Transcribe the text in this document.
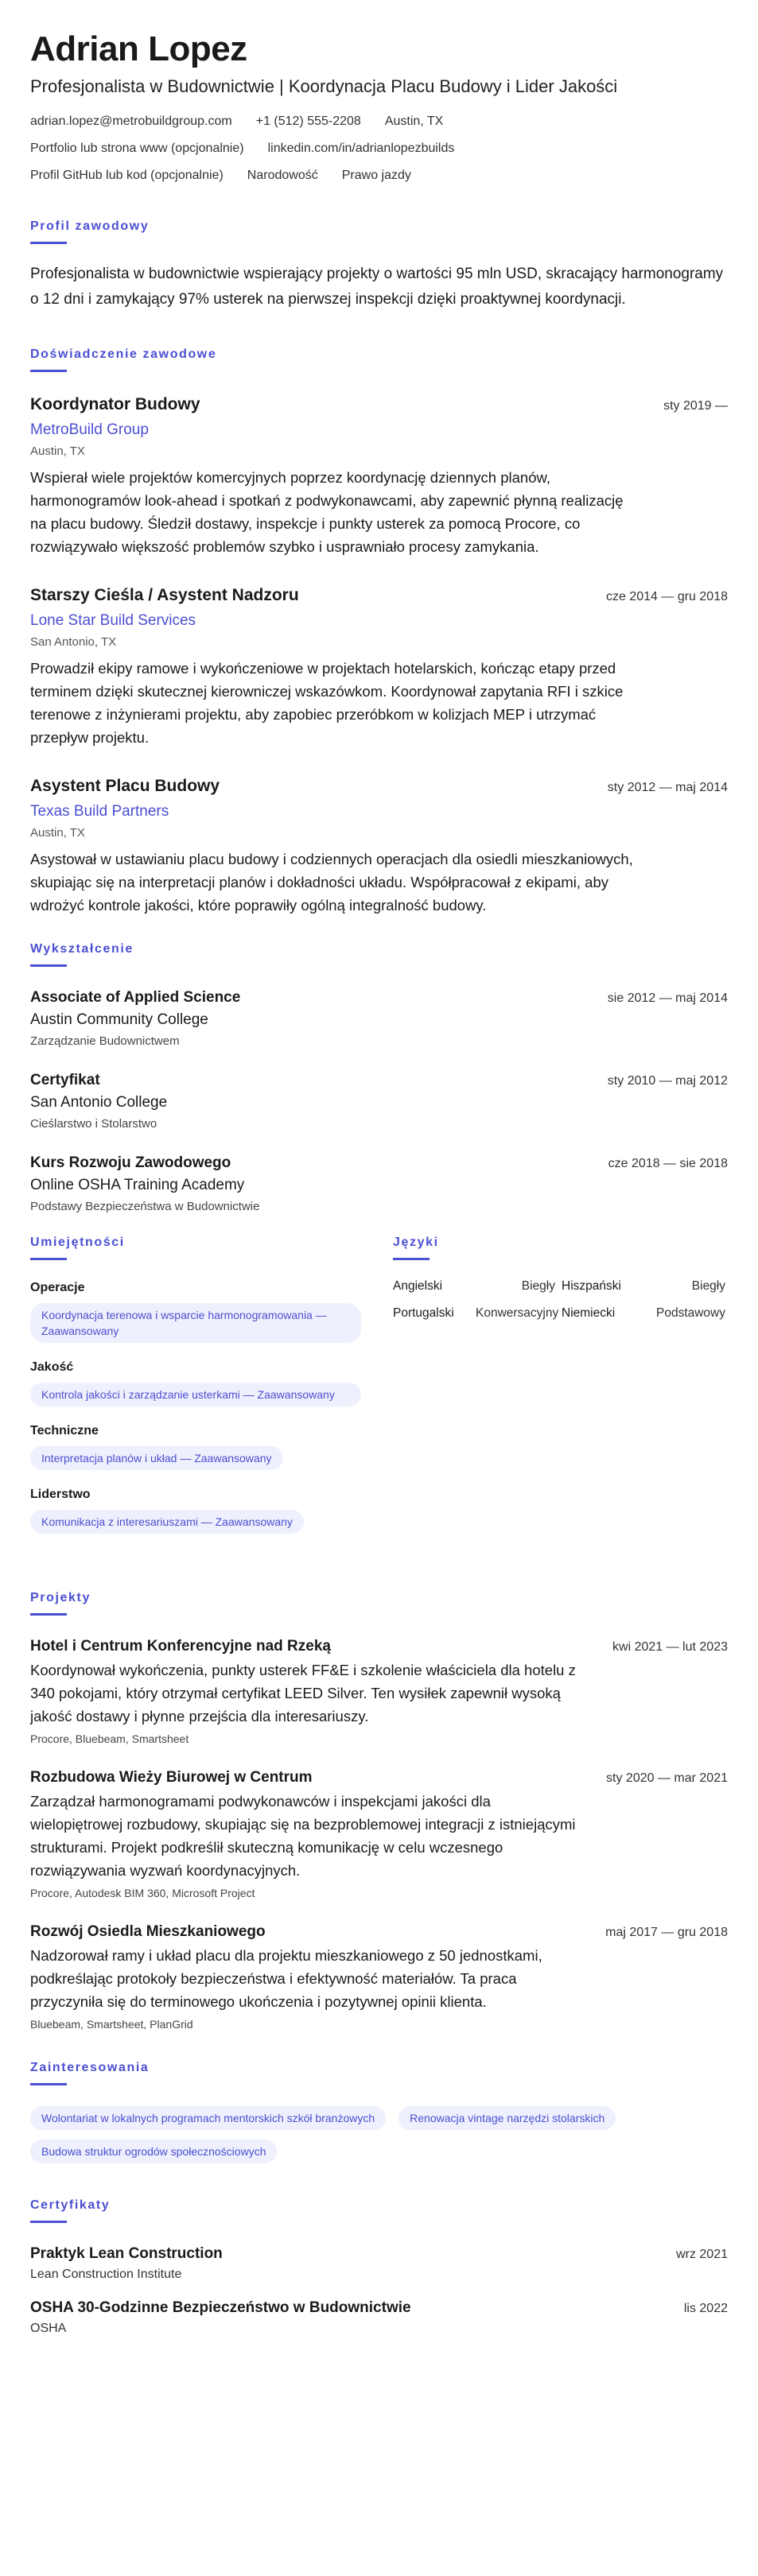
Adrian Lopez
Profesjonalista w Budownictwie | Koordynacja Placu Budowy i Lider Jakości
adrian.lopez@metrobuildgroup.com +1 (512) 555-2208 Austin, TX
Portfolio lub strona www (opcjonalnie) linkedin.com/in/adrianlopezbuilds
Profil GitHub lub kod (opcjonalnie) Narodowość Prawo jazdy
Profil zawodowy

Profesjonalista w budownictwie wspierający projekty o wartości 95 mln USD, skracający harmonogramy o 12 dni i zamykający 97% usterek na pierwszej inspekcji dzięki proaktywnej koordynacji.

Doświadczenie zawodowe
Koordynator Budowy	sty 2019 —
MetroBuild Group
Austin, TX

Wspierał wiele projektów komercyjnych poprzez koordynację dziennych planów, harmonogramów look-ahead i spotkań z podwykonawcami, aby zapewnić płynną realizację na placu budowy. Śledził dostawy, inspekcje i punkty usterek za pomocą Procore, co rozwiązywało większość problemów szybko i usprawniało procesy zamykania.

Starszy Cieśla / Asystent Nadzoru	cze 2014 — gru 2018
Lone Star Build Services
San Antonio, TX

Prowadził ekipy ramowe i wykończeniowe w projektach hotelarskich, kończąc etapy przed terminem dzięki skutecznej kierowniczej wskazówkom. Koordynował zapytania RFI i szkice terenowe z inżynierami projektu, aby zapobiec przeróbkom w kolizjach MEP i utrzymać przepływ projektu.

Asystent Placu Budowy	sty 2012 — maj 2014
Texas Build Partners
Austin, TX

Asystował w ustawianiu placu budowy i codziennych operacjach dla osiedli mieszkaniowych, skupiając się na interpretacji planów i dokładności układu. Współpracował z ekipami, aby wdrożyć kontrole jakości, które poprawiły ogólną integralność budowy.

Wykształcenie
Associate of Applied Science	sie 2012 — maj 2014
Austin Community College
Zarządzanie Budownictwem
Certyfikat	sty 2010 — maj 2012
San Antonio College
Cieślarstwo i Stolarstwo
Kurs Rozwoju Zawodowego	cze 2018 — sie 2018
Online OSHA Training Academy
Podstawy Bezpieczeństwa w Budownictwie
Umiejętności
Operacje
Koordynacja terenowa i wsparcie harmonogramowania — Zaawansowany
Jakość
Kontrola jakości i zarządzanie usterkami — Zaawansowany
Techniczne
Interpretacja planów i układ — Zaawansowany
Liderstwo
Komunikacja z interesariuszami — Zaawansowany
Języki
Angielski	Biegły Hiszpański	Biegły
Portugalski	Konwersacyjny Niemiecki	Podstawowy
Projekty
Hotel i Centrum Konferencyjne nad Rzeką	kwi 2021 — lut 2023

Koordynował wykończenia, punkty usterek FF&E i szkolenie właściciela dla hotelu z 340 pokojami, który otrzymał certyfikat LEED Silver. Ten wysiłek zapewnił wysoką jakość dostawy i płynne przejścia dla interesariuszy.

Procore, Bluebeam, Smartsheet
Rozbudowa Wieży Biurowej w Centrum	sty 2020 — mar 2021

Zarządzał harmonogramami podwykonawców i inspekcjami jakości dla wielopiętrowej rozbudowy, skupiając się na bezproblemowej integracji z istniejącymi strukturami. Projekt podkreślił skuteczną komunikację w celu wczesnego rozwiązywania wyzwań koordynacyjnych.

Procore, Autodesk BIM 360, Microsoft Project
Rozwój Osiedla Mieszkaniowego	maj 2017 — gru 2018

Nadzorował ramy i układ placu dla projektu mieszkaniowego z 50 jednostkami, podkreślając protokoły bezpieczeństwa i efektywność materiałów. Ta praca przyczyniła się do terminowego ukończenia i pozytywnej opinii klienta.

Bluebeam, Smartsheet, PlanGrid
Zainteresowania
Wolontariat w lokalnych programach mentorskich szkół branżowych	Renowacja vintage narzędzi stolarskich
Budowa struktur ogrodów społecznościowych
Certyfikaty
Praktyk Lean Construction	wrz 2021
Lean Construction Institute
OSHA 30-Godzinne Bezpieczeństwo w Budownictwie	lis 2022
OSHA
